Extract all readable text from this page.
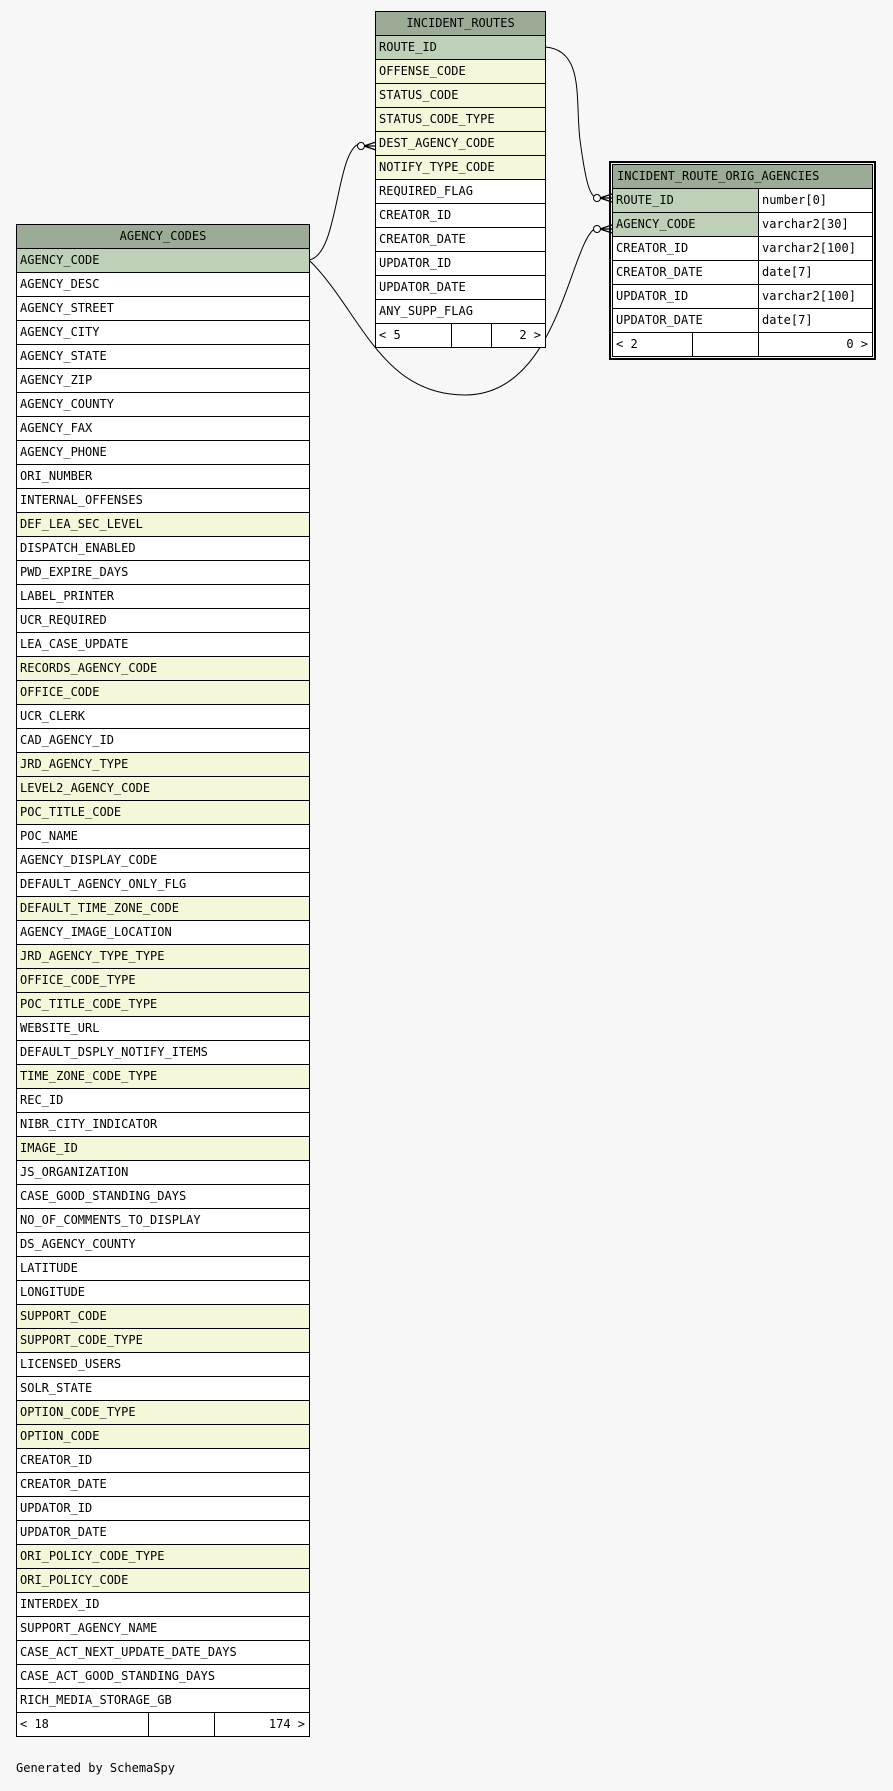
INCIDENT_ROUTES
ROUTE_ID
OFFENSE_CODE
STATUS_CODE
STATUS_CODE_TYPE
DEST_AGENCY_CODE
NOTIFY_TYPE_CODE
REQUIRED_FLAG
CREATOR_ID
CREATOR_DATE
UPDATOR_ID
UPDATOR_DATE
ANY_SUPP_FLAG
< 5		2 >
INCIDENT_ROUTE_ORIG_AGENCIES		
ROUTE_ID		number[0]
AGENCY_CODE		varchar2[30]
CREATOR_ID		varchar2[100]
CREATOR_DATE		date[7]
UPDATOR_ID		varchar2[100]
UPDATOR_DATE		date[7]
< 2		0 >
AGENCY_CODES
AGENCY_CODE
AGENCY_DESC
AGENCY_STREET
AGENCY_CITY
AGENCY_STATE
AGENCY_ZIP
AGENCY_COUNTY
AGENCY_FAX
AGENCY_PHONE
ORI_NUMBER
INTERNAL_OFFENSES
DEF_LEA_SEC_LEVEL
DISPATCH_ENABLED
PWD_EXPIRE_DAYS
LABEL_PRINTER
UCR_REQUIRED
LEA_CASE_UPDATE
RECORDS_AGENCY_CODE
OFFICE_CODE
UCR_CLERK
CAD_AGENCY_ID
JRD_AGENCY_TYPE
LEVEL2_AGENCY_CODE
POC_TITLE_CODE
POC_NAME
AGENCY_DISPLAY_CODE
DEFAULT_AGENCY_ONLY_FLG
DEFAULT_TIME_ZONE_CODE
AGENCY_IMAGE_LOCATION
JRD_AGENCY_TYPE_TYPE
OFFICE_CODE_TYPE
POC_TITLE_CODE_TYPE
WEBSITE_URL
DEFAULT_DSPLY_NOTIFY_ITEMS
TIME_ZONE_CODE_TYPE
REC_ID
NIBR_CITY_INDICATOR
IMAGE_ID
JS_ORGANIZATION
CASE_GOOD_STANDING_DAYS
NO_OF_COMMENTS_TO_DISPLAY
DS_AGENCY_COUNTY
LATITUDE
LONGITUDE
SUPPORT_CODE
SUPPORT_CODE_TYPE
LICENSED_USERS
SOLR_STATE
OPTION_CODE_TYPE
OPTION_CODE
CREATOR_ID
CREATOR_DATE
UPDATOR_ID
UPDATOR_DATE
ORI_POLICY_CODE_TYPE
ORI_POLICY_CODE
INTERDEX_ID
SUPPORT_AGENCY_NAME
CASE_ACT_NEXT_UPDATE_DATE_DAYS
CASE_ACT_GOOD_STANDING_DAYS
RICH_MEDIA_STORAGE_GB
< 18		174 >
Generated by SchemaSpy
